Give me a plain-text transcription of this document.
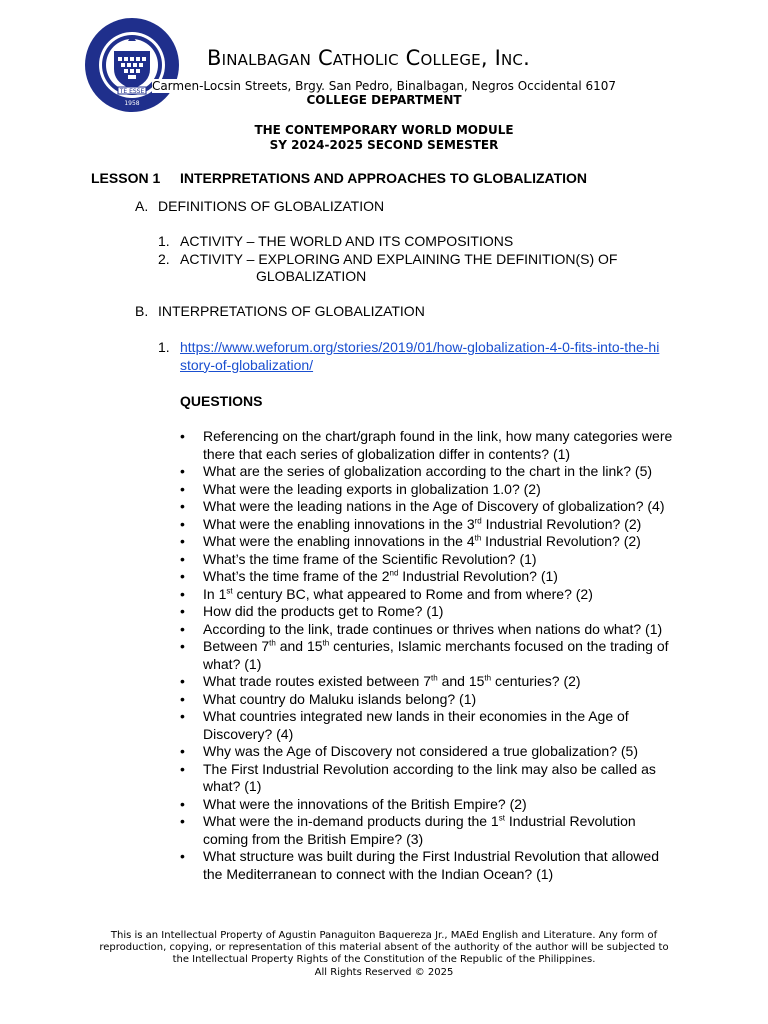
TE ESSE
1958
Binalbagan Catholic College, Inc.
Carmen-Locsin Streets, Brgy. San Pedro, Binalbagan, Negros Occidental 6107
COLLEGE DEPARTMENT
THE CONTEMPORARY WORLD MODULE
SY 2024-2025 SECOND SEMESTER
LESSON 1 INTERPRETATIONS AND APPROACHES TO GLOBALIZATION
A. DEFINITIONS OF GLOBALIZATION
1. ACTIVITY – THE WORLD AND ITS COMPOSITIONS
2. ACTIVITY – EXPLORING AND EXPLAINING THE DEFINITION(S) OF
GLOBALIZATION
B. INTERPRETATIONS OF GLOBALIZATION
1. https://www.weforum.org/stories/2019/01/how-globalization-4-0-fits-into-the-history-of-globalization/
QUESTIONS
• Referencing on the chart/graph found in the link, how many categories were there that each series of globalization differ in contents? (1)
• What are the series of globalization according to the chart in the link? (5)
• What were the leading exports in globalization 1.0? (2)
• What were the leading nations in the Age of Discovery of globalization? (4)
• What were the enabling innovations in the 3rd Industrial Revolution? (2)
• What were the enabling innovations in the 4th Industrial Revolution? (2)
• What’s the time frame of the Scientific Revolution? (1)
• What’s the time frame of the 2nd Industrial Revolution? (1)
• In 1st century BC, what appeared to Rome and from where? (2)
• How did the products get to Rome? (1)
• According to the link, trade continues or thrives when nations do what? (1)
• Between 7th and 15th centuries, Islamic merchants focused on the trading of what? (1)
• What trade routes existed between 7th and 15th centuries? (2)
• What country do Maluku islands belong? (1)
• What countries integrated new lands in their economies in the Age of Discovery? (4)
• Why was the Age of Discovery not considered a true globalization? (5)
• The First Industrial Revolution according to the link may also be called as what? (1)
• What were the innovations of the British Empire? (2)
• What were the in-demand products during the 1st Industrial Revolution coming from the British Empire? (3)
• What structure was built during the First Industrial Revolution that allowed the Mediterranean to connect with the Indian Ocean? (1)

This is an Intellectual Property of Agustin Panaguiton Baquereza Jr., MAEd English and Literature. Any form of

reproduction, copying, or representation of this material absent of the authority of the author will be subjected to

the Intellectual Property Rights of the Constitution of the Republic of the Philippines.

All Rights Reserved © 2025
